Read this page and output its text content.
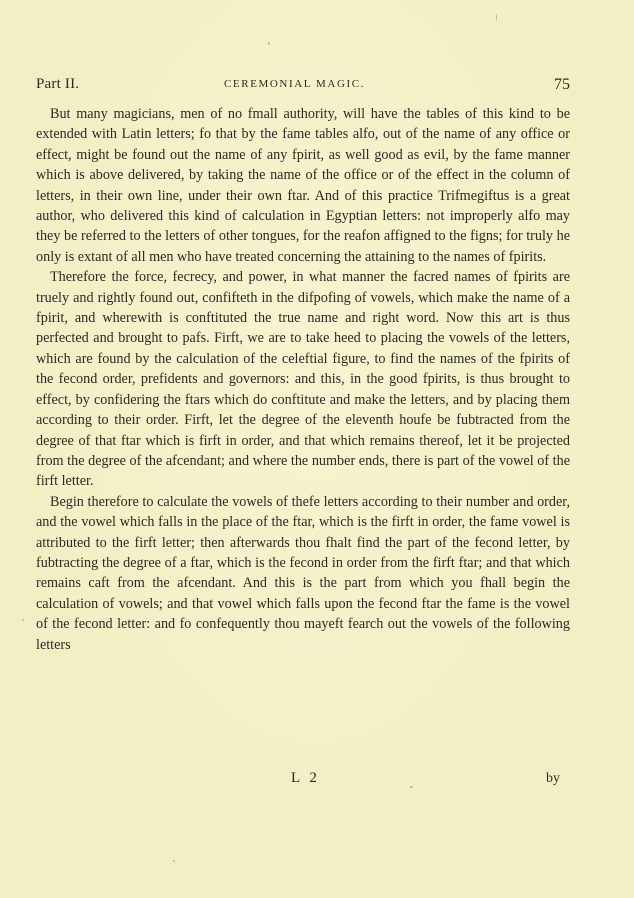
Part II.	CEREMONIAL MAGIC.	75

But many magicians, men of no fmall authority, will have the tables of this kind to be extended with Latin letters; fo that by the fame tables alfo, out of the name of any office or effect, might be found out the name of any fpirit, as well good as evil, by the fame manner which is above delivered, by taking the name of the office or of the effect in the column of letters, in their own line, under their own ftar. And of this practice Trifmegiftus is a great author, who delivered this kind of calculation in Egyptian letters: not improperly alfo may they be referred to the letters of other tongues, for the reafon affigned to the figns; for truly he only is extant of all men who have treated concerning the attaining to the names of fpirits.

Therefore the force, fecrecy, and power, in what manner the facred names of fpirits are truely and rightly found out, confifteth in the difpofing of vowels, which make the name of a fpirit, and wherewith is conftituted the true name and right word. Now this art is thus perfected and brought to pafs. Firft, we are to take heed to placing the vowels of the letters, which are found by the calculation of the celeftial figure, to find the names of the fpirits of the fecond order, prefidents and governors: and this, in the good fpirits, is thus brought to effect, by confidering the ftars which do conftitute and make the letters, and by placing them according to their order. Firft, let the degree of the eleventh houfe be fubtracted from the degree of that ftar which is firft in order, and that which remains thereof, let it be projected from the degree of the afcendant; and where the number ends, there is part of the vowel of the firft letter.

Begin therefore to calculate the vowels of thefe letters according to their number and order, and the vowel which falls in the place of the ftar, which is the firft in order, the fame vowel is attributed to the firft letter; then afterwards thou fhalt find the part of the fecond letter, by fubtracting the degree of a ftar, which is the fecond in order from the firft ftar; and that which remains caft from the afcendant. And this is the part from which you fhall begin the calculation of vowels; and that vowel which falls upon the fecond ftar the fame is the vowel of the fecond letter: and fo confequently thou mayeft fearch out the vowels of the following letters

L 2	by
